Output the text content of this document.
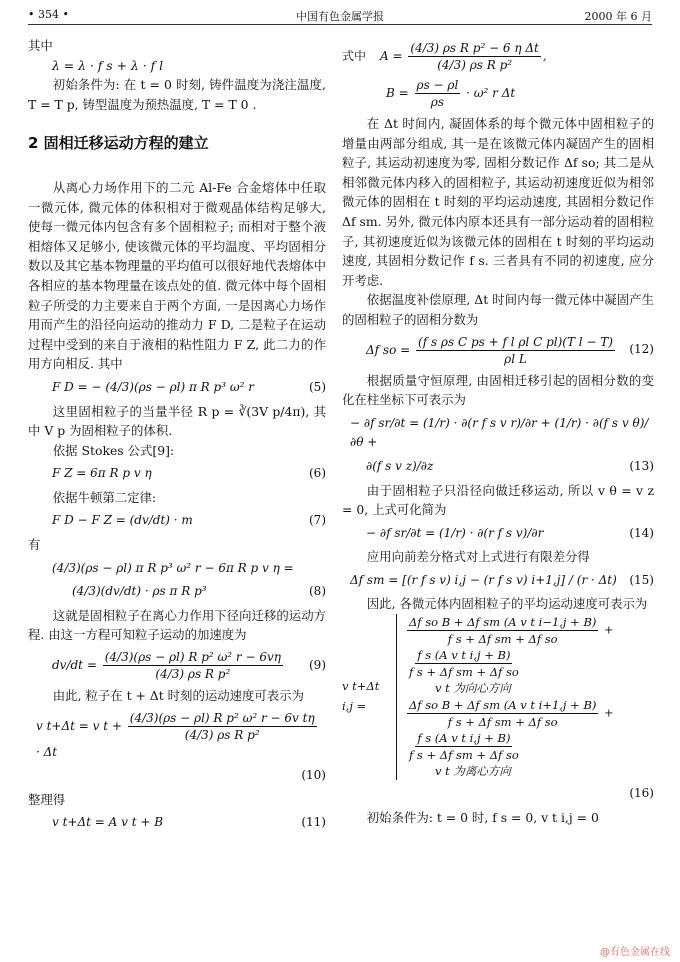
• 354 •	中国有色金属学报	2000 年 6 月

其中

λ = λ · f s + λ · f l

初始条件为: 在 t = 0 时刻, 铸件温度为浇注温度, T = T p, 铸型温度为预热温度, T = T 0 .

2 固相迁移运动方程的建立

从离心力场作用下的二元 Al-Fe 合金熔体中任取一微元体, 微元体的体积相对于微观晶体结构足够大, 使每一微元体内包含有多个固相粒子; 而相对于整个液相熔体又足够小, 使该微元体的平均温度、平均固相分数以及其它基本物理量的平均值可以很好地代表熔体中各相应的基本物理量在该点处的值. 微元体中每个固相粒子所受的力主要来自于两个方面, 一是因离心力场作用而产生的沿径向运动的推动力 F D, 二是粒子在运动过程中受到的来自于液相的粘性阻力 F Z, 此二力的作用方向相反. 其中

F D = − (4/3)(ρs − ρl) π R p³ ω² r	(5)

这里固相粒子的当量半径 R p = ∛(3V p/4π), 其中 V p 为固相粒子的体积.

依据 Stokes 公式[9]:

F Z = 6π R p v η	(6)

依据牛顿第二定律:

F D − F Z = (dv/dt) · m	(7)

有

(4/3)(ρs − ρl) π R p³ ω² r − 6π R p v η =
(4/3)(dv/dt) · ρs π R p³	(8)

这就是固相粒子在离心力作用下径向迁移的运动方程. 由这一方程可知粒子运动的加速度为

$dv/dt = \frac{\text{(4/3)(ρs − ρl) R p² ω² r − 6vη}}{\text{(4/3) ρs R p²}}$	(9)

由此, 粒子在 t + Δt 时刻的运动速度可表示为

v t+Δt = v $t + \frac{\text{(4/3)(ρs − ρl) R p² ω² r − 6v tη}}{\text{(4/3) ρs R p²}}$
· Δt
(10)

整理得

v t+Δt = A v t + B	(11)
式中	$A = \frac{\text{(4/3) ρs R p² − 6 η Δt}}{\text{(4/3) ρs R p²}}$ ,
$B = \frac{\rho s - \rho l}{\rho s} \cdot \omega^2$ r Δt

在 Δt 时间内, 凝固体系的每个微元体中固相粒子的增量由两部分组成, 其一是在该微元体内凝固产生的固相粒子, 其运动初速度为零, 固相分数记作 Δf so; 其二是从相邻微元体内移入的固相粒子, 其运动初速度近似为相邻微元体的固相在 t 时刻的平均运动速度, 其固相分数记作 Δf sm. 另外, 微元体内原本还具有一部分运动着的固相粒子, 其初速度近似为该微元体的固相在 t 时刻的平均运动速度, 其固相分数记作 f s. 三者具有不同的初速度, 应分开考虑.

依据温度补偿原理, Δt 时间内每一微元体中凝固产生的固相粒子的固相分数为

Δf so = $\frac{\text{(f s ρs C ps + f l ρl C pl)(T l − T)}}{\text{ρl L}}$	(12)

根据质量守恒原理, 由固相迁移引起的固相分数的变化在柱坐标下可表示为

− ∂f sr/∂t = (1/r) · ∂(r f s v r)/∂r + (1/r) · ∂(f s v θ)/∂θ +
∂(f s v z)/∂z	(13)

由于固相粒子只沿径向做迁移运动, 所以 v θ = v z = 0, 上式可化简为

− ∂f sr/∂t = (1/r) · ∂(r f s v)/∂r	(14)

应用向前差分格式对上式进行有限差分得

Δf sm = [(r f s v) i,j − (r f s v) i+1,j] / (r · Δt)	(15)

因此, 各微元体内固相粒子的平均运动速度可表示为

v t+Δt i,j =
$\frac{\text{Δf so B + Δf sm (A v t i−1,j + B)}}{\text{f s + Δf sm + Δf so}}$ +
$\frac{\text{f s (A v t i,j + B)}}{\text{f s + Δf sm + Δf so}}$
v t 为向心方向
$\frac{\text{Δf so B + Δf sm (A v t i+1,j + B)}}{\text{f s + Δf sm + Δf so}}$ +
$\frac{\text{f s (A v t i,j + B)}}{\text{f s + Δf sm + Δf so}}$
v t 为离心方向
(16)

初始条件为: t = 0 时, f s = 0, v t i,j = 0

@有色金属在线
